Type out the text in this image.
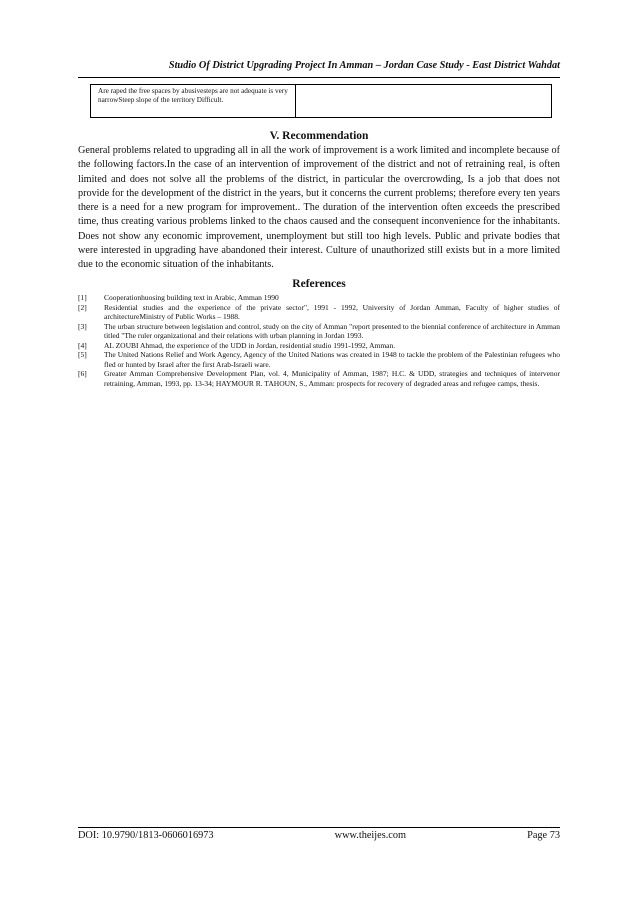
Studio Of District Upgrading Project In Amman – Jordan Case Study - East District Wahdat
Are raped the free spaces by abusivesteps are not adequate is very narrowSteep slope of the territory Difficult.
V. Recommendation
General problems related to upgrading all in all the work of improvement is a work limited and incomplete because of the following factors.In the case of an intervention of improvement of the district and not of retraining real, is often limited and does not solve all the problems of the district, in particular the overcrowding, Is a job that does not provide for the development of the district in the years, but it concerns the current problems; therefore every ten years there is a need for a new program for improvement.. The duration of the intervention often exceeds the prescribed time, thus creating various problems linked to the chaos caused and the consequent inconvenience for the inhabitants. Does not show any economic improvement, unemployment but still too high levels. Public and private bodies that were interested in upgrading have abandoned their interest. Culture of unauthorized still exists but in a more limited due to the economic situation of the inhabitants.
References
[1]	Cooperationhuosing building text in Arabic, Amman 1990
[2]	Residential studies and the experience of the private sector", 1991 - 1992, University of Jordan Amman, Faculty of higher studies of architectureMinistry of Public Works – 1988.
[3]	The urban structure between legislation and control, study on the city of Amman "report presented to the biennial conference of architecture in Amman titled "The ruler organizational and their relations with urban planning in Jordan 1993.
[4]	AL ZOUBI Ahmad, the experience of the UDD in Jordan, residential studio 1991-1992, Amman.
[5]	The United Nations Relief and Work Agency, Agency of the United Nations was created in 1948 to tackle the problem of the Palestinian refugees who fled or hunted by Israel after the first Arab-Israeli ware.
[6]	Greater Amman Comprehensive Development Plan, vol. 4, Municipality of Amman, 1987; H.C. & UDD, strategies and techniques of intervenor retraining, Amman, 1993, pp. 13-34; HAYMOUR R. TAHOUN, S., Amman: prospects for recovery of degraded areas and refugee camps, thesis.
DOI: 10.9790/1813-0606016973	www.theijes.com	Page 73
